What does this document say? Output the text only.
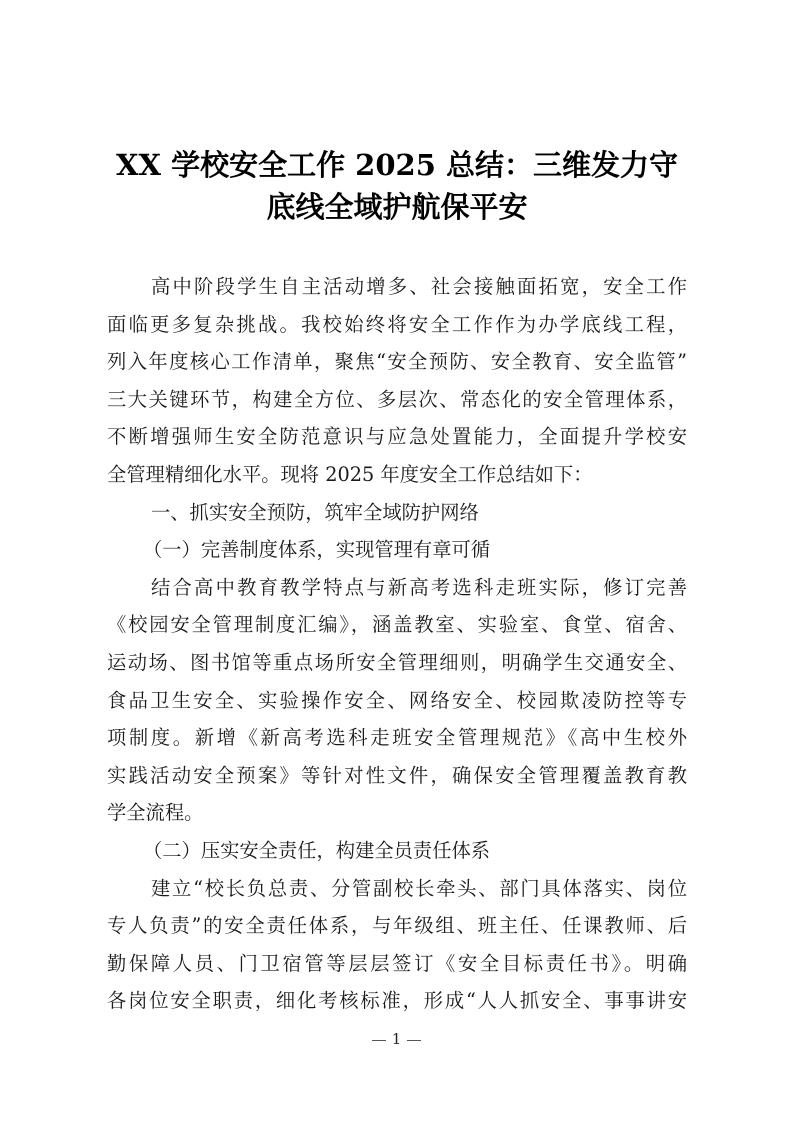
XX 学校安全工作 2025 总结：三维发力守
底线全域护航保平安
高中阶段学生自主活动增多、社会接触面拓宽，安全工作
面临更多复杂挑战。我校始终将安全工作作为办学底线工程，
列入年度核心工作清单，聚焦“安全预防、安全教育、安全监管”
三大关键环节，构建全方位、多层次、常态化的安全管理体系，
不断增强师生安全防范意识与应急处置能力，全面提升学校安
全管理精细化水平。现将 2025 年度安全工作总结如下：
一、抓实安全预防，筑牢全域防护网络
（一）完善制度体系，实现管理有章可循
结合高中教育教学特点与新高考选科走班实际，修订完善
《校园安全管理制度汇编》，涵盖教室、实验室、食堂、宿舍、
运动场、图书馆等重点场所安全管理细则，明确学生交通安全、
食品卫生安全、实验操作安全、网络安全、校园欺凌防控等专
项制度。新增《新高考选科走班安全管理规范》《高中生校外
实践活动安全预案》等针对性文件，确保安全管理覆盖教育教
学全流程。
（二）压实安全责任，构建全员责任体系
建立“校长负总责、分管副校长牵头、部门具体落实、岗位
专人负责”的安全责任体系，与年级组、班主任、任课教师、后
勤保障人员、门卫宿管等层层签订《安全目标责任书》。明确
各岗位安全职责，细化考核标准，形成“人人抓安全、事事讲安
1
